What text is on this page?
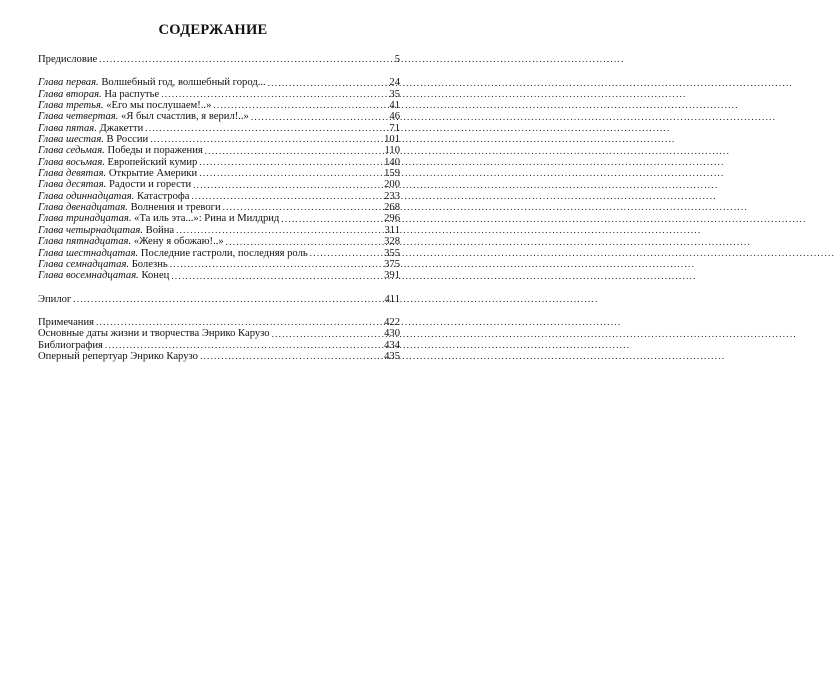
СОДЕРЖАНИЕ
Предисловие .....	5
Глава первая. Волшебный год, волшебный город... .....	24
Глава вторая. На распутье .....	35
Глава третья. «Его мы послушаем!..» .....	41
Глава четвертая. «Я был счастлив, я верил!..» .....	46
Глава пятая. Джакетти .....	71
Глава шестая. В России .....	101
Глава седьмая. Победы и поражения .....	110
Глава восьмая. Европейский кумир .....	140
Глава девятая. Открытие Америки .....	159
Глава десятая. Радости и горести .....	200
Глава одиннадцатая. Катастрофа .....	233
Глава двенадцатая. Волнения и тревоги .....	268
Глава тринадцатая. «Та иль эта...»: Рина и Милдрид .....	296
Глава четырнадцатая. Война .....	311
Глава пятнадцатая. «Жену я обожаю!..» .....	328
Глава шестнадцатая. Последние гастроли, последняя роль .....	355
Глава семнадцатая. Болезнь .....	375
Глава восемнадцатая. Конец .....	391
Эпилог .....	411
Примечания .....	422
Основные даты жизни и творчества Энрико Карузо .....	430
Библиография .....	434
Оперный репертуар Энрико Карузо .....	435
